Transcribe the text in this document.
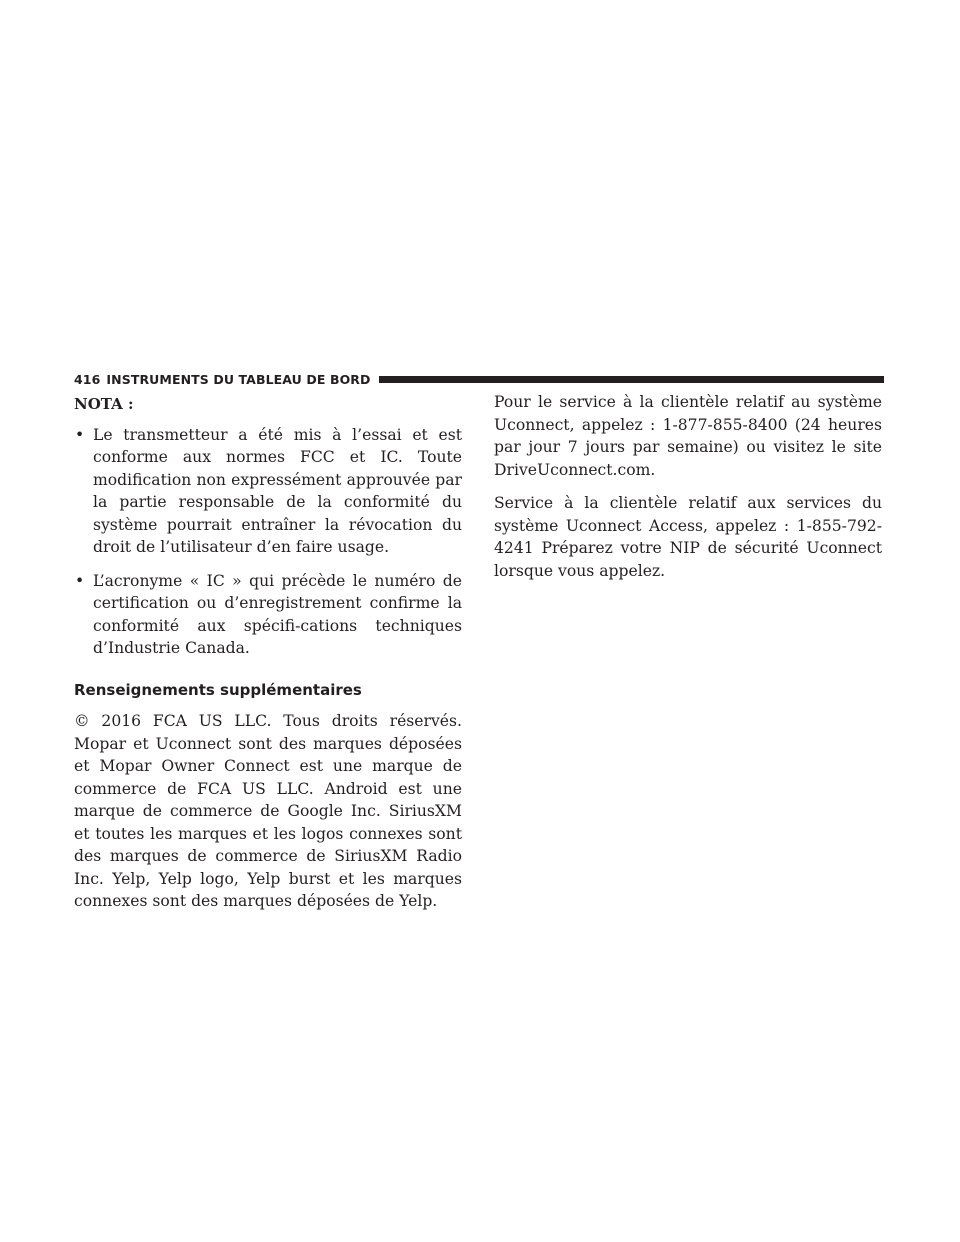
416 INSTRUMENTS DU TABLEAU DE BORD
NOTA :
• Le transmetteur a été mis à l’essai et est conforme aux normes FCC et IC. Toute modification non expressément approuvée par la partie responsable de la conformité du système pourrait entraîner la révocation du droit de l’utilisateur d’en faire usage.
• L’acronyme « IC » qui précède le numéro de certification ou d’enregistrement confirme la conformité aux spécifi-cations techniques d’Industrie Canada.
Renseignements supplémentaires

© 2016 FCA US LLC. Tous droits réservés. Mopar et Uconnect sont des marques déposées et Mopar Owner Connect est une marque de commerce de FCA US LLC. Android est une marque de commerce de Google Inc. SiriusXM et toutes les marques et les logos connexes sont des marques de commerce de SiriusXM Radio Inc. Yelp, Yelp logo, Yelp burst et les marques connexes sont des marques déposées de Yelp.

Pour le service à la clientèle relatif au système Uconnect, appelez : 1-877-855-8400 (24 heures par jour 7 jours par semaine) ou visitez le site DriveUconnect.com.

Service à la clientèle relatif aux services du système Uconnect Access, appelez : 1-855-792-4241 Préparez votre NIP de sécurité Uconnect lorsque vous appelez.
